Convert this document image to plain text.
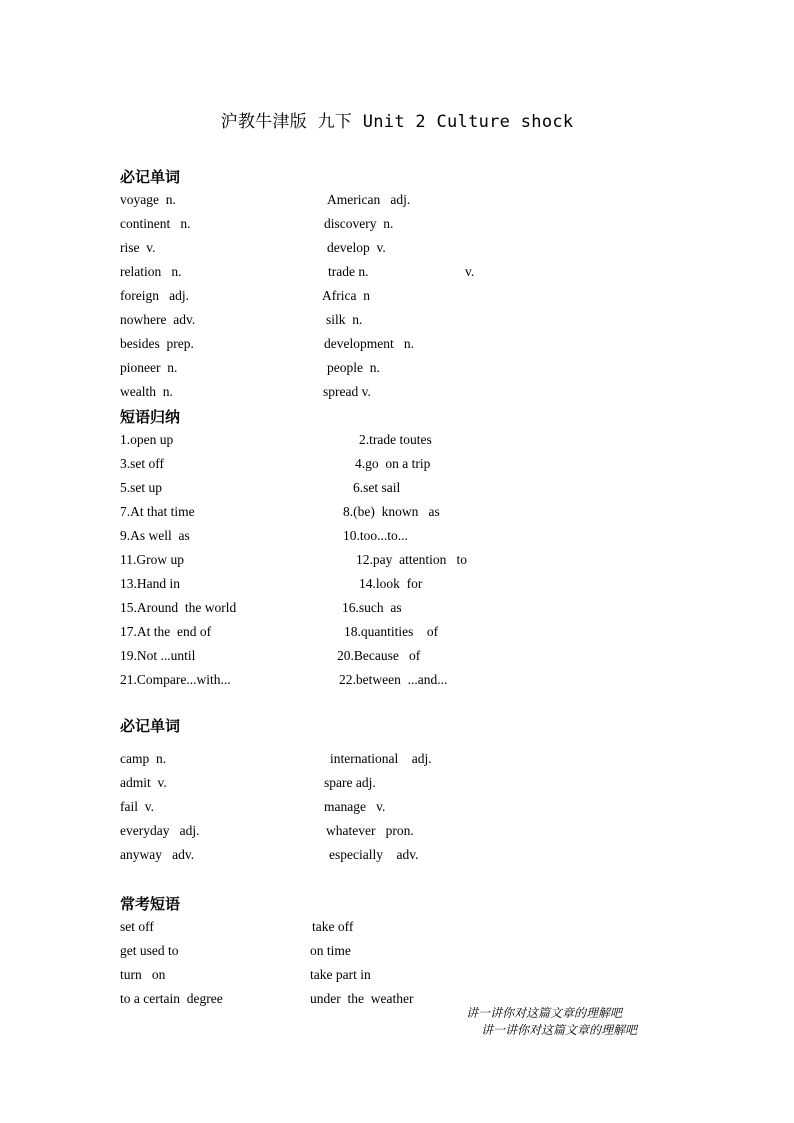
沪教牛津版 九下 Unit 2 Culture shock
必记单词
voyage  n.
continent   n.
rise  v.
relation   n.
foreign   adj.
nowhere  adv.
besides  prep.
pioneer  n.
wealth  n.
American   adj.
discovery  n.
develop  v.
trade n.
Africa  n
silk  n.
development   n.
people  n.
spread v.
v.
短语归纳
1.open up
3.set off
5.set up
7.At that time
9.As well  as
11.Grow up
13.Hand in
15.Around  the world
17.At the  end of
19.Not ...until
21.Compare...with...
2.trade toutes
4.go  on a trip
6.set sail
8.(be)  known   as
10.too...to...
12.pay  attention   to
14.look  for
16.such  as
18.quantities    of
20.Because   of
22.between  ...and...
必记单词
camp  n.
admit  v.
fail  v.
everyday   adj.
anyway   adv.
international    adj.
spare adj.
manage   v.
whatever   pron.
especially    adv.
常考短语
set off
get used to
turn   on
to a certain  degree
take off
on time
take part in
under  the  weather
讲一讲你对这篇文章的理解吧
讲一讲你对这篇文章的理解吧
